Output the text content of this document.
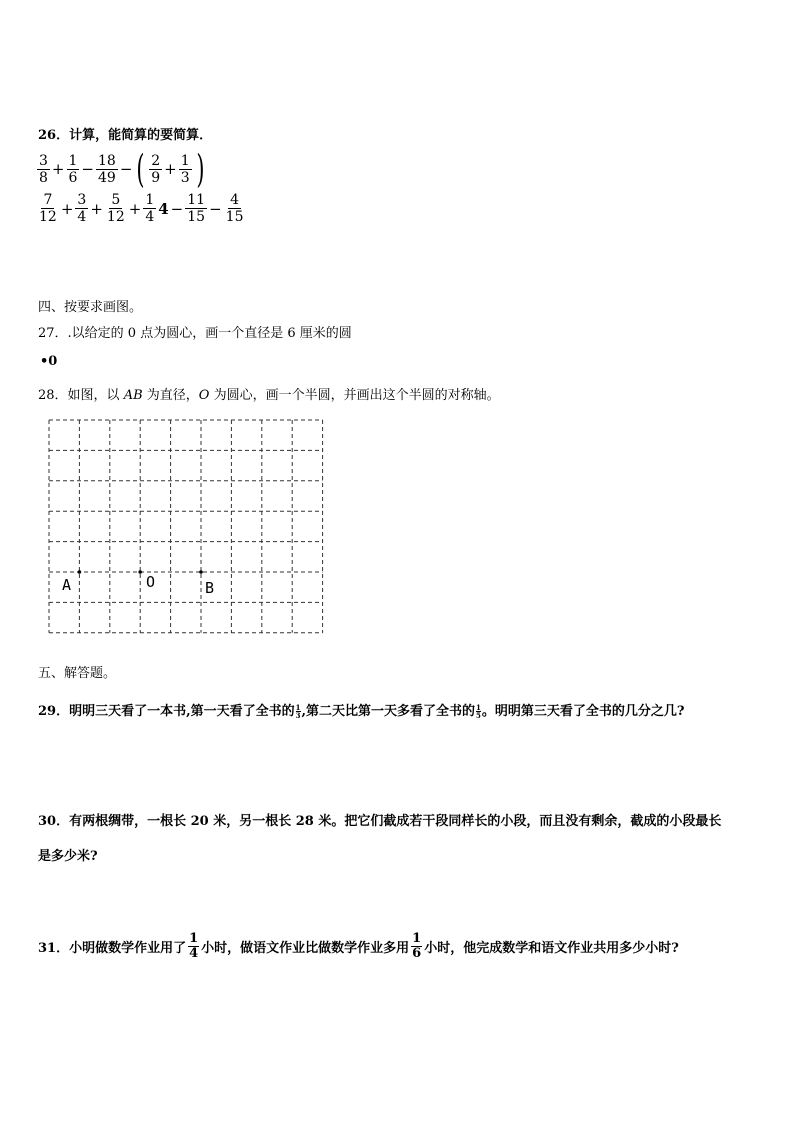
26．计算，能简算的要简算．
$\frac{3}{8} + \frac{1}{6} - \frac{18}{49}$ − ( $\frac{2}{9} + \frac{1}{3}$ )
$\frac{7}{12} + \frac{3}{4} + \frac{5}{12} + \frac{1}{4} 4 - \frac{11}{15} - \frac{4}{15}$
四、按要求画图。
27．.以给定的 0 点为圆心，画一个直径是 6 厘米的圆
•0
28．如图，以 AB 为直径，O 为圆心，画一个半圆，并画出这个半圆的对称轴。
A	O	B
五、解答题。
29．明明三天看了一本书,第一天看了全书的 $\frac{1}{3}$ ,第二天比第一天多看了全书的 $\frac{1}{5}$ 。明明第三天看了全书的几分之几?
30．有两根绸带，一根长 20 米，另一根长 28 米。把它们截成若干段同样长的小段，而且没有剩余，截成的小段最长
是多少米?
31．小明做数学作业用了 $\frac{1}{4}$ 小时，做语文作业比做数学作业多用 $\frac{1}{6}$ 小时，他完成数学和语文作业共用多少小时?
